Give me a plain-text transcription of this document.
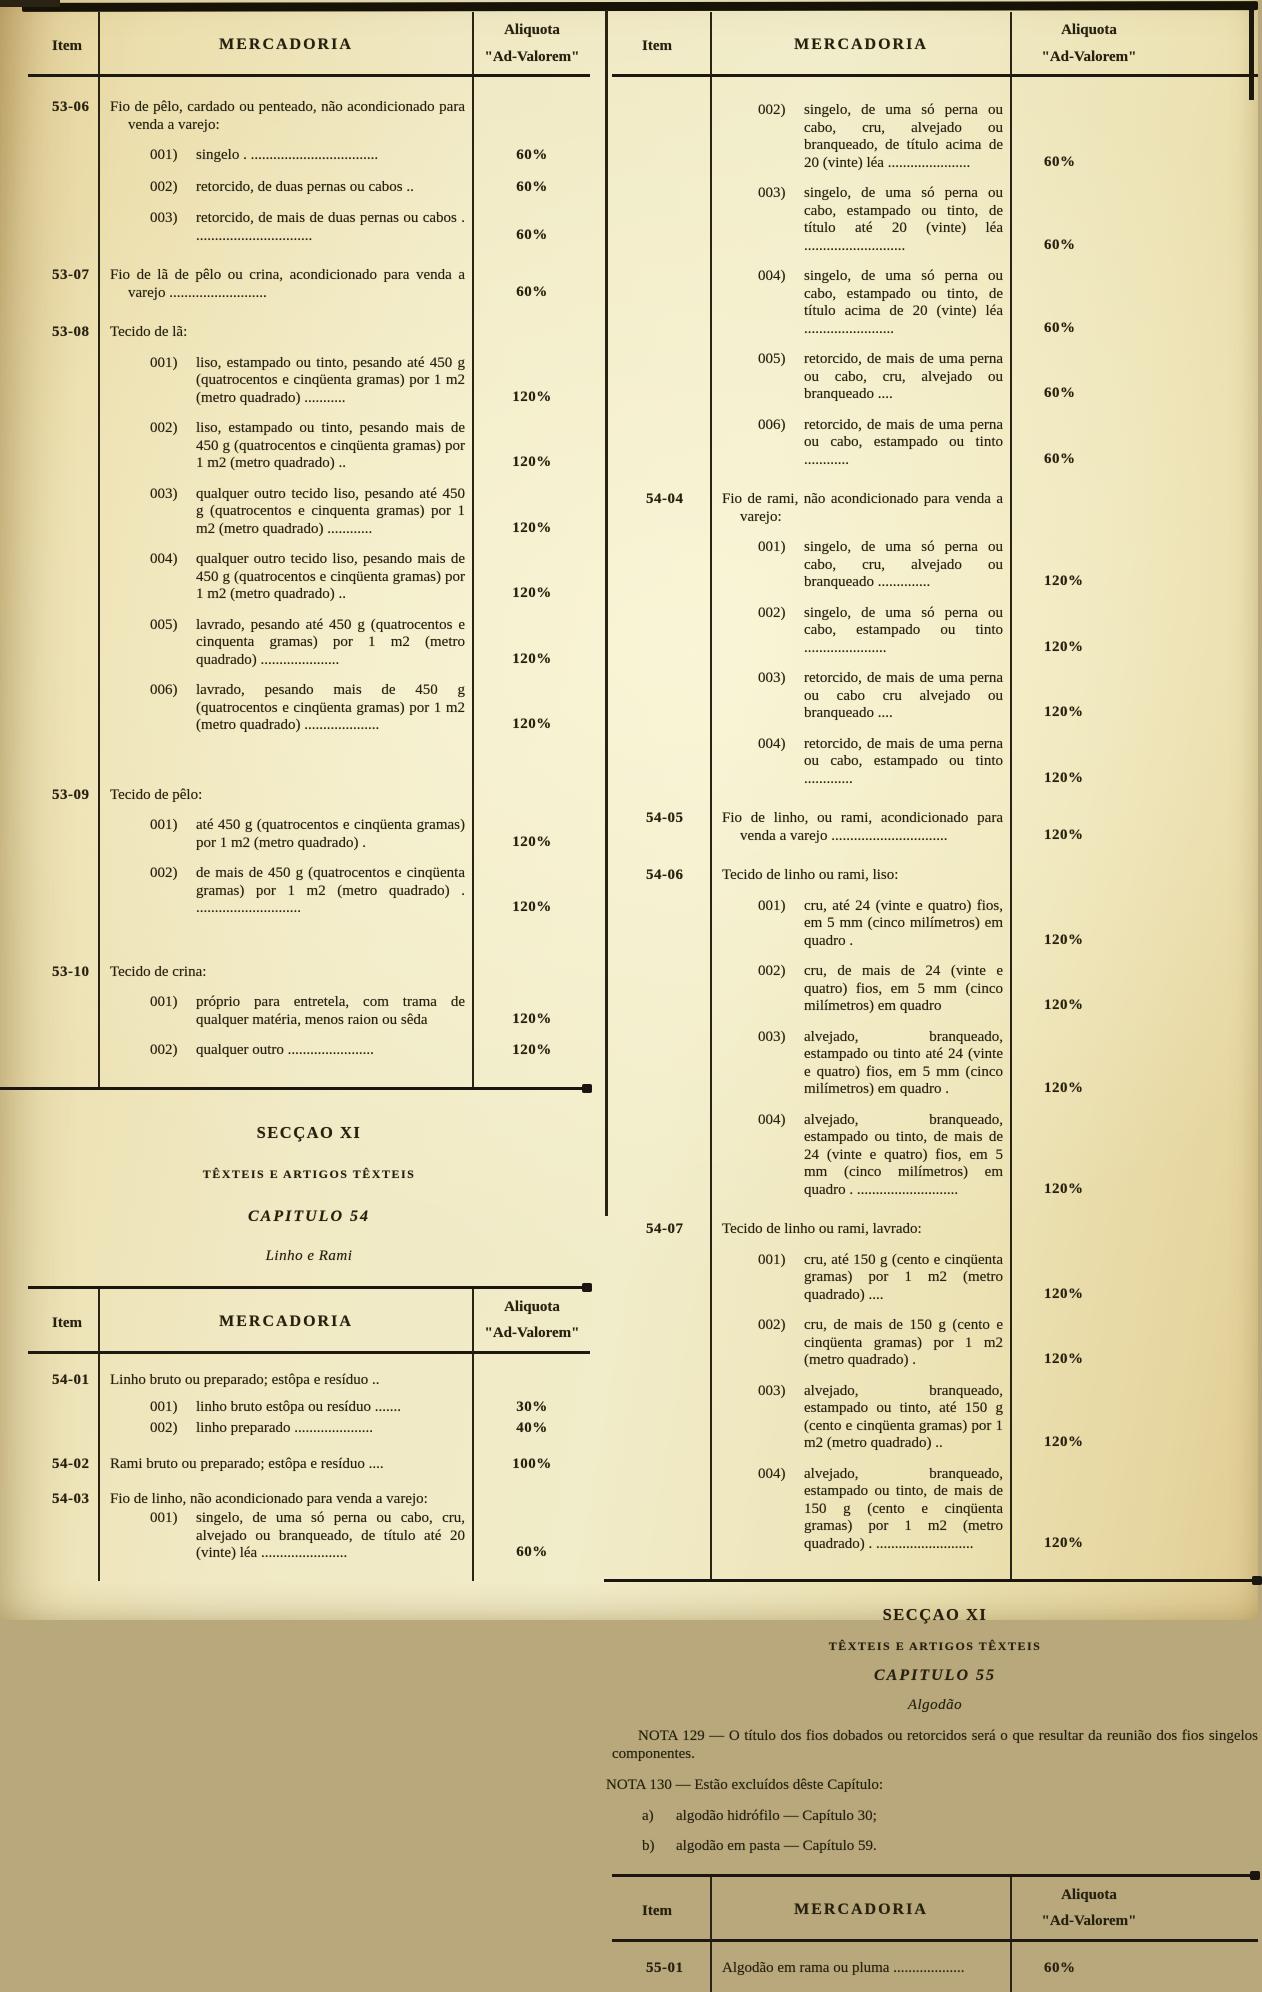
Item	MERCADORIA
Aliquota
"Ad-Valorem"
53-06	Fio de pêlo, cardado ou penteado, não acondicionado para venda a varejo:
001)	singelo . ..................................	60%
002)	retorcido, de duas pernas ou cabos ..	60%
003)	retorcido, de mais de duas pernas ou cabos . ...............................	60%
53-07	Fio de lã de pêlo ou crina, acondicionado para venda a varejo ..........................	60%
53-08	Tecido de lã:
001)	liso, estampado ou tinto, pesando até 450 g (quatrocentos e cinqüenta gramas) por 1 m2 (metro quadrado) ...........	120%
002)	liso, estampado ou tinto, pesando mais de 450 g (quatrocentos e cinqüenta gramas) por 1 m2 (metro quadrado) ..	120%
003)	qualquer outro tecido liso, pesando até 450 g (quatrocentos e cinquenta gramas) por 1 m2 (metro quadrado) ............	120%
004)	qualquer outro tecido liso, pesando mais de 450 g (quatrocentos e cinqüenta gramas) por 1 m2 (metro quadrado) ..	120%
005)	lavrado, pesando até 450 g (quatrocentos e cinquenta gramas) por 1 m2 (metro quadrado) .....................	120%
006)	lavrado, pesando mais de 450 g (quatrocentos e cinqüenta gramas) por 1 m2 (metro quadrado) ....................	120%
53-09	Tecido de pêlo:
001)	até 450 g (quatrocentos e cinqüenta gramas) por 1 m2 (metro quadrado) .	120%
002)	de mais de 450 g (quatrocentos e cinqüenta gramas) por 1 m2 (metro quadrado) . ............................	120%
53-10	Tecido de crina:
001)	próprio para entretela, com trama de qualquer matéria, menos raion ou sêda	120%
002)	qualquer outro .......................	120%
SECÇAO XI
TÊXTEIS E ARTIGOS TÊXTEIS
CAPITULO 54
Linho e Rami
Item	MERCADORIA
Aliquota
"Ad-Valorem"
54-01	Linho bruto ou preparado; estôpa e resíduo ..
001)	linho bruto estôpa ou resíduo .......	30%
002)	linho preparado .....................	40%
54-02	Rami bruto ou preparado; estôpa e resíduo ....	100%
54-03	Fio de linho, não acondicionado para venda a varejo:
001)	singelo, de uma só perna ou cabo, cru, alvejado ou branqueado, de título até 20 (vinte) léa .......................	60%
Item	MERCADORIA
Aliquota
"Ad-Valorem"
002)	singelo, de uma só perna ou cabo, cru, alvejado ou branqueado, de título acima de 20 (vinte) léa ......................	60%
003)	singelo, de uma só perna ou cabo, estampado ou tinto, de título até 20 (vinte) léa ...........................	60%
004)	singelo, de uma só perna ou cabo, estampado ou tinto, de título acima de 20 (vinte) léa ........................	60%
005)	retorcido, de mais de uma perna ou cabo, cru, alvejado ou branqueado ....	60%
006)	retorcido, de mais de uma perna ou cabo, estampado ou tinto ............	60%
54-04	Fio de rami, não acondicionado para venda a varejo:
001)	singelo, de uma só perna ou cabo, cru, alvejado ou branqueado ..............	120%
002)	singelo, de uma só perna ou cabo, estampado ou tinto ......................	120%
003)	retorcido, de mais de uma perna ou cabo cru alvejado ou branqueado ....	120%
004)	retorcido, de mais de uma perna ou cabo, estampado ou tinto .............	120%
54-05	Fio de linho, ou rami, acondicionado para venda a varejo ...............................	120%
54-06	Tecido de linho ou rami, liso:
001)	cru, até 24 (vinte e quatro) fios, em 5 mm (cinco milímetros) em quadro .	120%
002)	cru, de mais de 24 (vinte e quatro) fios, em 5 mm (cinco milímetros) em quadro	120%
003)	alvejado, branqueado, estampado ou tinto até 24 (vinte e quatro) fios, em 5 mm (cinco milímetros) em quadro .	120%
004)	alvejado, branqueado, estampado ou tinto, de mais de 24 (vinte e quatro) fios, em 5 mm (cinco milímetros) em quadro . ...........................	120%
54-07	Tecido de linho ou rami, lavrado:
001)	cru, até 150 g (cento e cinqüenta gramas) por 1 m2 (metro quadrado) ....	120%
002)	cru, de mais de 150 g (cento e cinqüenta gramas) por 1 m2 (metro quadrado) .	120%
003)	alvejado, branqueado, estampado ou tinto, até 150 g (cento e cinqüenta gramas) por 1 m2 (metro quadrado) ..	120%
004)	alvejado, branqueado, estampado ou tinto, de mais de 150 g (cento e cinqüenta gramas) por 1 m2 (metro quadrado) . ..........................	120%
SECÇAO XI
TÊXTEIS E ARTIGOS TÊXTEIS
CAPITULO 55
Algodão
NOTA 129 — O título dos fios dobados ou retorcidos será o que resultar da reunião dos fios singelos componentes.
NOTA 130 — Estão excluídos dêste Capítulo:
a)	algodão hidrófilo — Capítulo 30;
b)	algodão em pasta — Capítulo 59.
Item	MERCADORIA
Aliquota
"Ad-Valorem"
55-01	Algodão em rama ou pluma ...................	60%
